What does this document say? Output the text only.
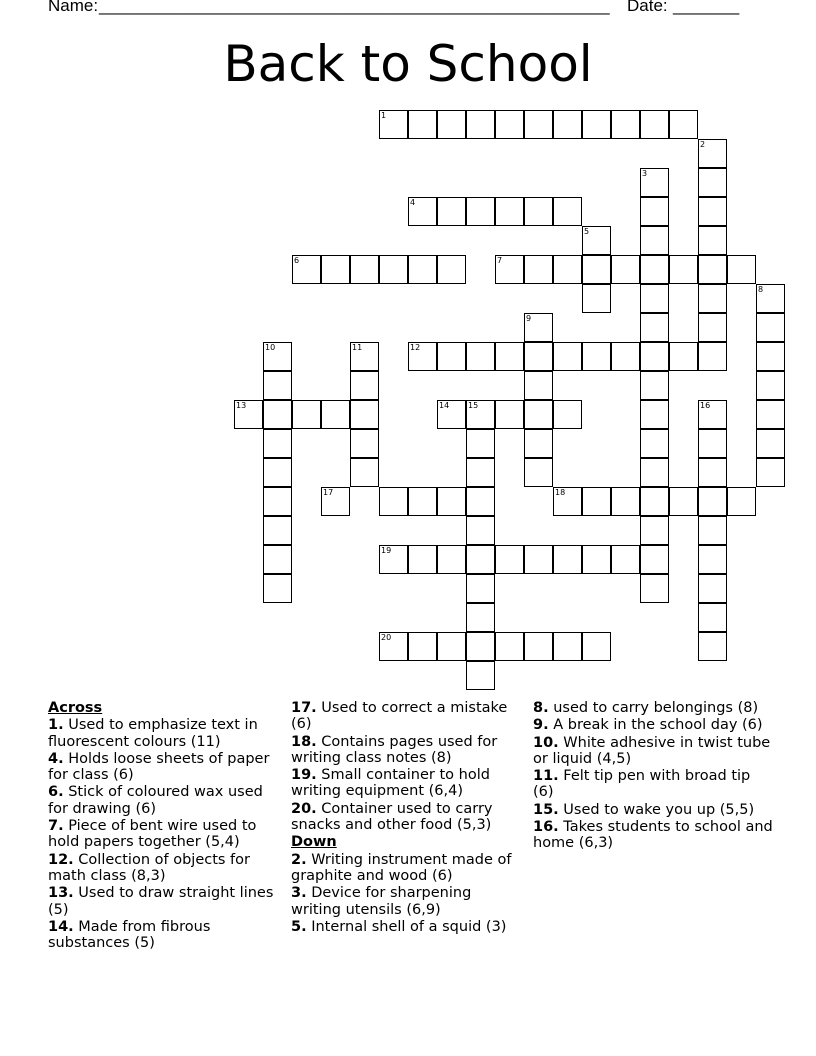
Name: ______________________________________________________ Date: _______
Back to School
1
2
3
4
5
6	7
8
9
12
10	11
13	14 15	16
17	18
19
20
Across
1. Used to emphasize text in fluorescent colours (11)
4. Holds loose sheets of paper for class (6)
6. Stick of coloured wax used for drawing (6)
7. Piece of bent wire used to hold papers together (5,4)
12. Collection of objects for math class (8,3)
13. Used to draw straight lines (5)
14. Made from fibrous substances (5)
17. Used to correct a mistake (6)
18. Contains pages used for writing class notes (8)
19. Small container to hold writing equipment (6,4)
20. Container used to carry snacks and other food (5,3)
Down
2. Writing instrument made of graphite and wood (6)
3. Device for sharpening writing utensils (6,9)
5. Internal shell of a squid (3)
8. used to carry belongings (8)
9. A break in the school day (6)
10. White adhesive in twist tube or liquid (4,5)
11. Felt tip pen with broad tip (6)
15. Used to wake you up (5,5)
16. Takes students to school and home (6,3)
